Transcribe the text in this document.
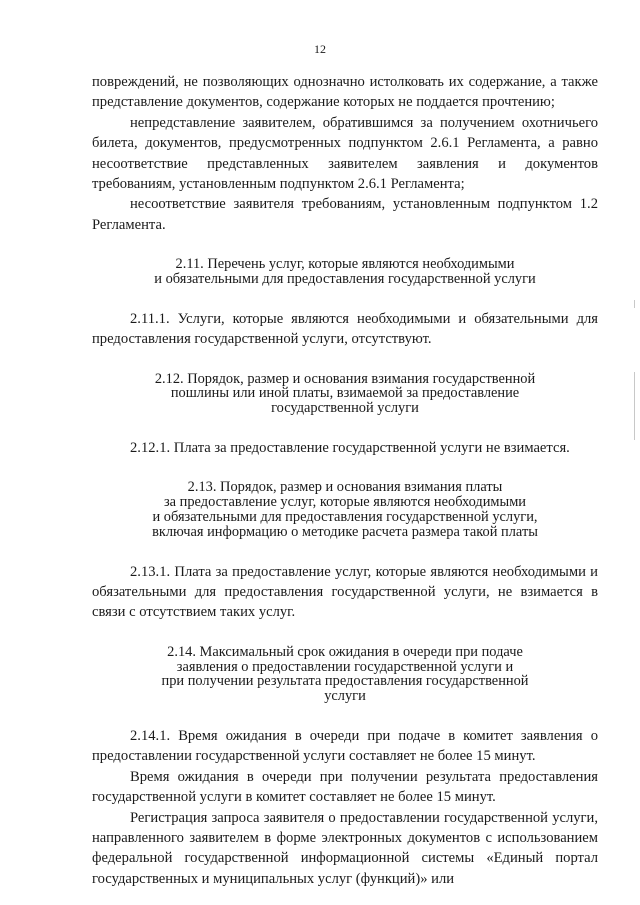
12

повреждений, не позволяющих однозначно истолковать их содержание, а также представление документов, содержание которых не поддается прочтению;

непредставление заявителем, обратившимся за получением охотничьего билета, документов, предусмотренных подпунктом 2.6.1 Регламента, а равно несоответствие представленных заявителем заявления и документов требованиям, установленным подпунктом 2.6.1 Регламента;

несоответствие заявителя требованиям, установленным подпунктом 1.2 Регламента.

2.11. Перечень услуг, которые являются необходимыми
и обязательными для предоставления государственной услуги

2.11.1. Услуги, которые являются необходимыми и обязательными для предоставления государственной услуги, отсутствуют.

2.12. Порядок, размер и основания взимания государственной
пошлины или иной платы, взимаемой за предоставление
государственной услуги

2.12.1. Плата за предоставление государственной услуги не взимается.

2.13. Порядок, размер и основания взимания платы
за предоставление услуг, которые являются необходимыми
и обязательными для предоставления государственной услуги,
включая информацию о методике расчета размера такой платы

2.13.1. Плата за предоставление услуг, которые являются необходимыми и обязательными для предоставления государственной услуги, не взимается в связи с отсутствием таких услуг.

2.14. Максимальный срок ожидания в очереди при подаче
заявления о предоставлении государственной услуги и
при получении результата предоставления государственной
услуги

2.14.1. Время ожидания в очереди при подаче в комитет заявления о предоставлении государственной услуги составляет не более 15 минут.

Время ожидания в очереди при получении результата предоставления государственной услуги в комитет составляет не более 15 минут.

Регистрация запроса заявителя о предоставлении государственной услуги, направленного заявителем в форме электронных документов с использованием федеральной государственной информационной системы «Единый портал государственных и муниципальных услуг (функций)» или
